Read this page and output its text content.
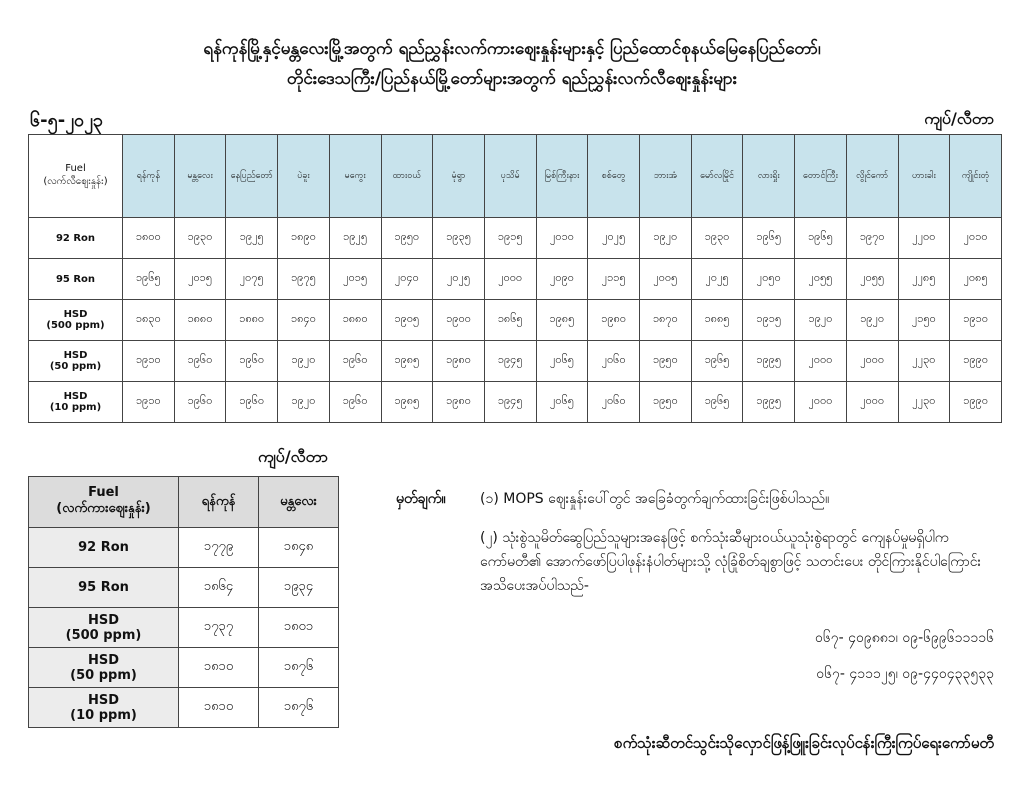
ရန်ကုန်မြို့နှင့်မန္တလေးမြို့အတွက် ရည်ညွှန်းလက်ကားဈေးနှုန်းများနှင့် ပြည်ထောင်စုနယ်မြေနေပြည်တော်၊
တိုင်းဒေသကြီး/ပြည်နယ်မြို့တော်များအတွက် ရည်ညွှန်းလက်လီဈေးနှုန်းများ
၆-၅-၂၀၂၃	ကျပ်/လီတာ
Fuel
(လက်လီဈေးနှုန်း)	ရန်ကုန်	မန္တလေး	နေပြည်တော်	ပဲခူး	မကွေး	ထားဝယ်	မုံရွာ	ပုသိမ်	မြစ်ကြီးနား	စစ်တွေ	ဘားအံ	မော်လမြိုင်	လားရှိုး	တောင်ကြီး	လွိုင်ကော်	ဟားခါး	ကျိုင်းတုံ

92 Ron	၁၈၀၀	၁၉၃၀	၁၉၂၅	၁၈၉၀	၁၉၂၅	၁၉၅၀	၁၉၃၅	၁၉၁၅	၂၀၁၀	၂၀၂၅	၁၉၂၀	၁၉၃၀	၁၉၆၅	၁၉၆၅	၁၉၇၀	၂၂၀၀	၂၀၁၀

95 Ron	၁၉၆၅	၂၀၁၅	၂၀၇၅	၁၉၇၅	၂၀၁၅	၂၀၄၀	၂၀၂၅	၂၀၀၀	၂၀၉၀	၂၁၁၅	၂၀၀၅	၂၀၂၅	၂၀၅၀	၂၀၅၅	၂၀၅၅	၂၂၈၅	၂၀၈၅

HSD
(500 ppm)	၁၈၃၀	၁၈၈၀	၁၈၈၀	၁၈၄၀	၁၈၈၀	၁၉၀၅	၁၉၀၀	၁၈၆၅	၁၉၈၅	၁၉၈၀	၁၈၇၀	၁၈၈၅	၁၉၁၅	၁၉၂၀	၁၉၂၀	၂၁၅၀	၁၉၁၀

HSD
(50 ppm)	၁၉၁၀	၁၉၆၀	၁၉၆၀	၁၉၂၀	၁၉၆၀	၁၉၈၅	၁၉၈၀	၁၉၄၅	၂၀၆၅	၂၀၆၀	၁၉၅၀	၁၉၆၅	၁၉၉၅	၂၀၀၀	၂၀၀၀	၂၂၃၀	၁၉၉၀

HSD
(10 ppm)	၁၉၁၀	၁၉၆၀	၁၉၆၀	၁၉၂၀	၁၉၆၀	၁၉၈၅	၁၉၈၀	၁၉၄၅	၂၀၆၅	၂၀၆၀	၁၉၅၀	၁၉၆၅	၁၉၉၅	၂၀၀၀	၂၀၀၀	၂၂၃၀	၁၉၉၀
ကျပ်/လီတာ
Fuel
(လက်ကားဈေးနှုန်း)	ရန်ကုန်	မန္တလေး

92 Ron	၁၇၇၉	၁၈၄၈

95 Ron	၁၈၆၄	၁၉၃၄

HSD
(500 ppm)	၁၇၃၇	၁၈၀၁

HSD
(50 ppm)	၁၈၁၀	၁၈၇၆

HSD
(10 ppm)	၁၈၁၀	၁၈၇၆
မှတ်ချက်။ (၁) MOPS ဈေးနှုန်းပေါ်တွင် အခြေခံတွက်ချက်ထားခြင်းဖြစ်ပါသည်။
(၂) သုံးစွဲသူမိတ်ဆွေပြည်သူများအနေဖြင့် စက်သုံးဆီများဝယ်ယူသုံးစွဲရာတွင် ကျေနပ်မှုမရှိပါက ကော်မတီ၏ အောက်ဖော်ပြပါဖုန်းနံပါတ်များသို့ လုံခြုံစိတ်ချစွာဖြင့် သတင်းပေး တိုင်ကြားနိုင်ပါကြောင်း အသိပေးအပ်ပါသည်-
၀၆၇- ၄၀၉၈၈၁၊ ၀၉-၆၉၉၆၁၁၁၁၆
၀၆၇- ၄၁၁၁၂၅၊ ၀၉-၄၄၀၄၃၃၅၃၃
စက်သုံးဆီတင်သွင်းသိုလှောင်ဖြန့်ဖြူးခြင်းလုပ်ငန်းကြီးကြပ်ရေးကော်မတီ
